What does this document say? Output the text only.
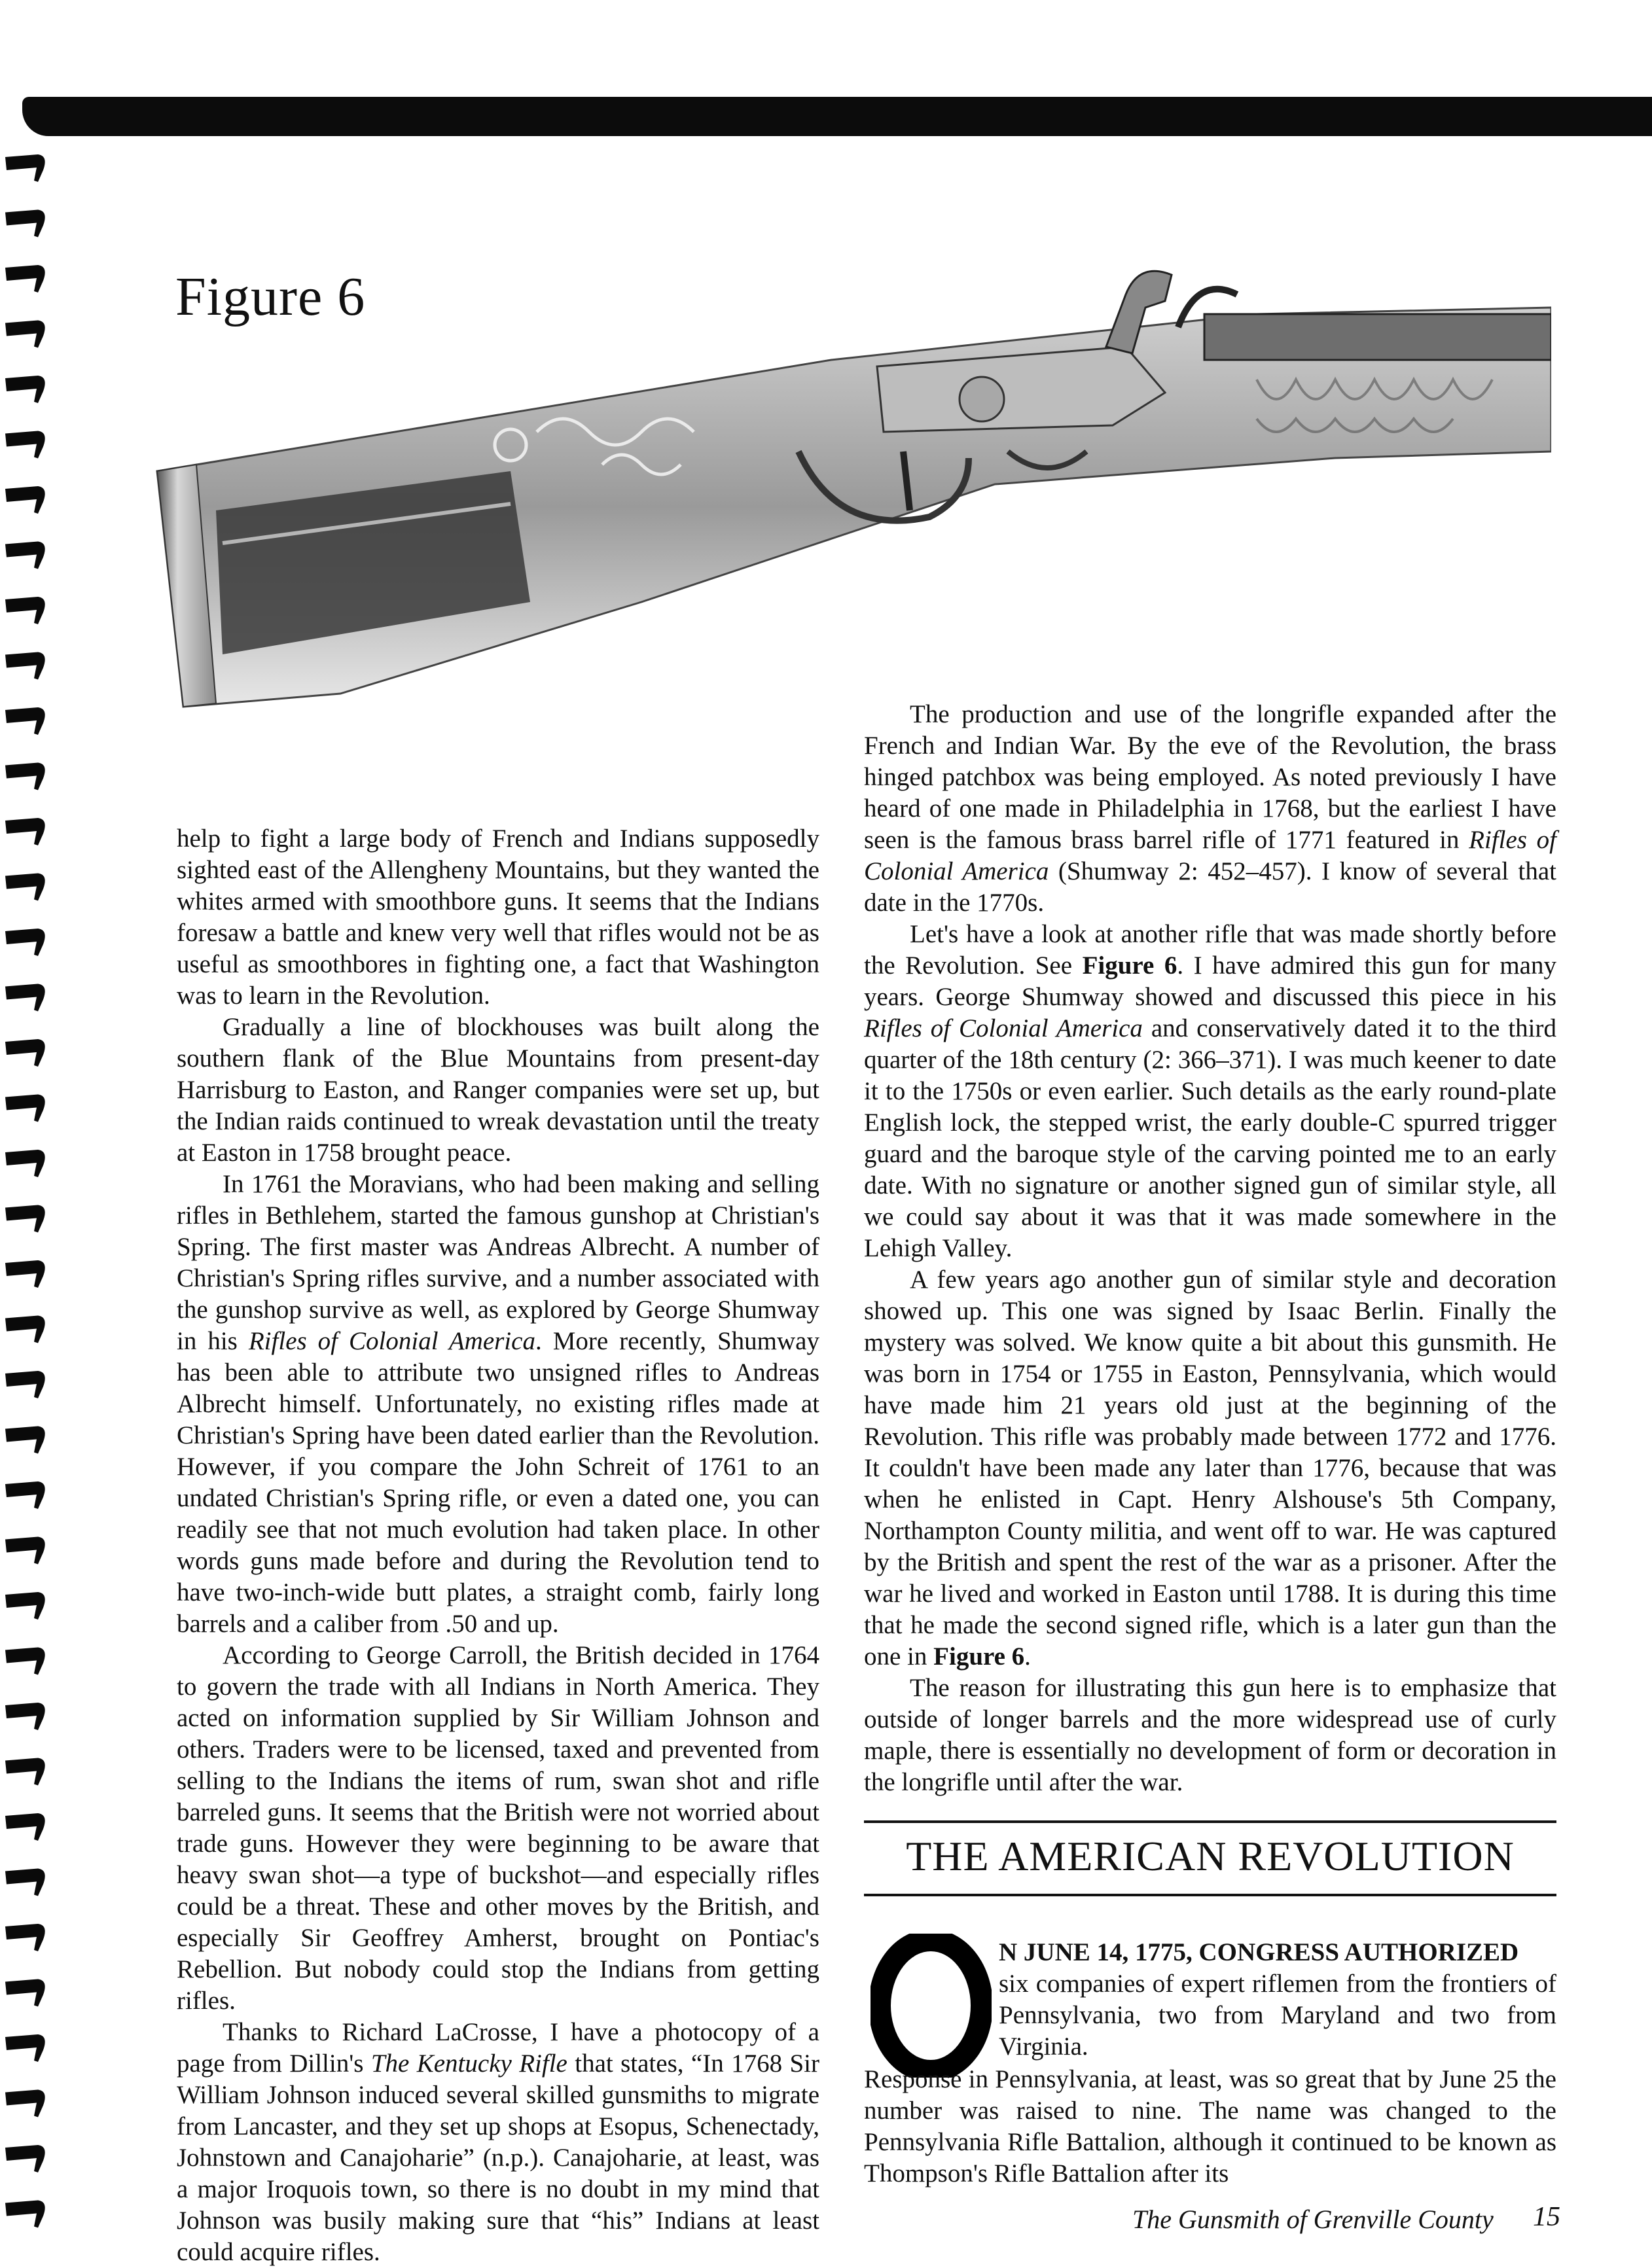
Figure 6

help to fight a large body of French and Indians supposedly sighted east of the Allengheny Mountains, but they wanted the whites armed with smoothbore guns. It seems that the Indians foresaw a battle and knew very well that rifles would not be as useful as smoothbores in fighting one, a fact that Washington was to learn in the Revolution.

Gradually a line of blockhouses was built along the southern flank of the Blue Mountains from present-day Harrisburg to Easton, and Ranger companies were set up, but the Indian raids continued to wreak devastation until the treaty at Easton in 1758 brought peace.

In 1761 the Moravians, who had been making and selling rifles in Bethlehem, started the famous gunshop at Christian's Spring. The first master was Andreas Albrecht. A number of Christian's Spring rifles survive, and a number associated with the gunshop survive as well, as explored by George Shumway in his Rifles of Colonial America. More recently, Shumway has been able to attribute two unsigned rifles to Andreas Albrecht himself. Unfortunately, no existing rifles made at Christian's Spring have been dated earlier than the Revolution. However, if you compare the John Schreit of 1761 to an undated Christian's Spring rifle, or even a dated one, you can readily see that not much evolution had taken place. In other words guns made before and during the Revolution tend to have two-inch-wide butt plates, a straight comb, fairly long barrels and a caliber from .50 and up.

According to George Carroll, the British decided in 1764 to govern the trade with all Indians in North America. They acted on information supplied by Sir William Johnson and others. Traders were to be licensed, taxed and prevented from selling to the Indians the items of rum, swan shot and rifle barreled guns. It seems that the British were not worried about trade guns. However they were beginning to be aware that heavy swan shot—a type of buckshot—and especially rifles could be a threat. These and other moves by the British, and especially Sir Geoffrey Amherst, brought on Pontiac's Rebellion. But nobody could stop the Indians from getting rifles.

Thanks to Richard LaCrosse, I have a photocopy of a page from Dillin's The Kentucky Rifle that states, “In 1768 Sir William Johnson induced several skilled gunsmiths to migrate from Lancaster, and they set up shops at Esopus, Schenectady, Johnstown and Canajoharie” (n.p.). Canajoharie, at least, was a major Iroquois town, so there is no doubt in my mind that Johnson was busily making sure that “his” Indians at least could acquire rifles.

The production and use of the longrifle expanded after the French and Indian War. By the eve of the Revolution, the brass hinged patchbox was being employed. As noted previously I have heard of one made in Philadelphia in 1768, but the earliest I have seen is the famous brass barrel rifle of 1771 featured in Rifles of Colonial America (Shumway 2: 452–457). I know of several that date in the 1770s.

Let's have a look at another rifle that was made shortly before the Revolution. See Figure 6. I have admired this gun for many years. George Shumway showed and discussed this piece in his Rifles of Colonial America and conservatively dated it to the third quarter of the 18th century (2: 366–371). I was much keener to date it to the 1750s or even earlier. Such details as the early round-plate English lock, the stepped wrist, the early double-C spurred trigger guard and the baroque style of the carving pointed me to an early date. With no signature or another signed gun of similar style, all we could say about it was that it was made somewhere in the Lehigh Valley.

A few years ago another gun of similar style and decoration showed up. This one was signed by Isaac Berlin. Finally the mystery was solved. We know quite a bit about this gunsmith. He was born in 1754 or 1755 in Easton, Pennsylvania, which would have made him 21 years old just at the beginning of the Revolution. This rifle was probably made between 1772 and 1776. It couldn't have been made any later than 1776, because that was when he enlisted in Capt. Henry Alshouse's 5th Company, Northampton County militia, and went off to war. He was captured by the British and spent the rest of the war as a prisoner. After the war he lived and worked in Easton until 1788. It is during this time that he made the second signed rifle, which is a later gun than the one in Figure 6.

The reason for illustrating this gun here is to emphasize that outside of longer barrels and the more widespread use of curly maple, there is essentially no development of form or decoration in the longrifle until after the war.

THE AMERICAN REVOLUTION
O

N JUNE 14, 1775, CONGRESS AUTHORIZED

six companies of expert riflemen from the frontiers of Pennsylvania, two from Maryland and two from Virginia.

Response in Pennsylvania, at least, was so great that by June 25 the number was raised to nine. The name was changed to the Pennsylvania Rifle Battalion, although it continued to be known as Thompson's Rifle Battalion after its

The Gunsmith of Grenville County 15
